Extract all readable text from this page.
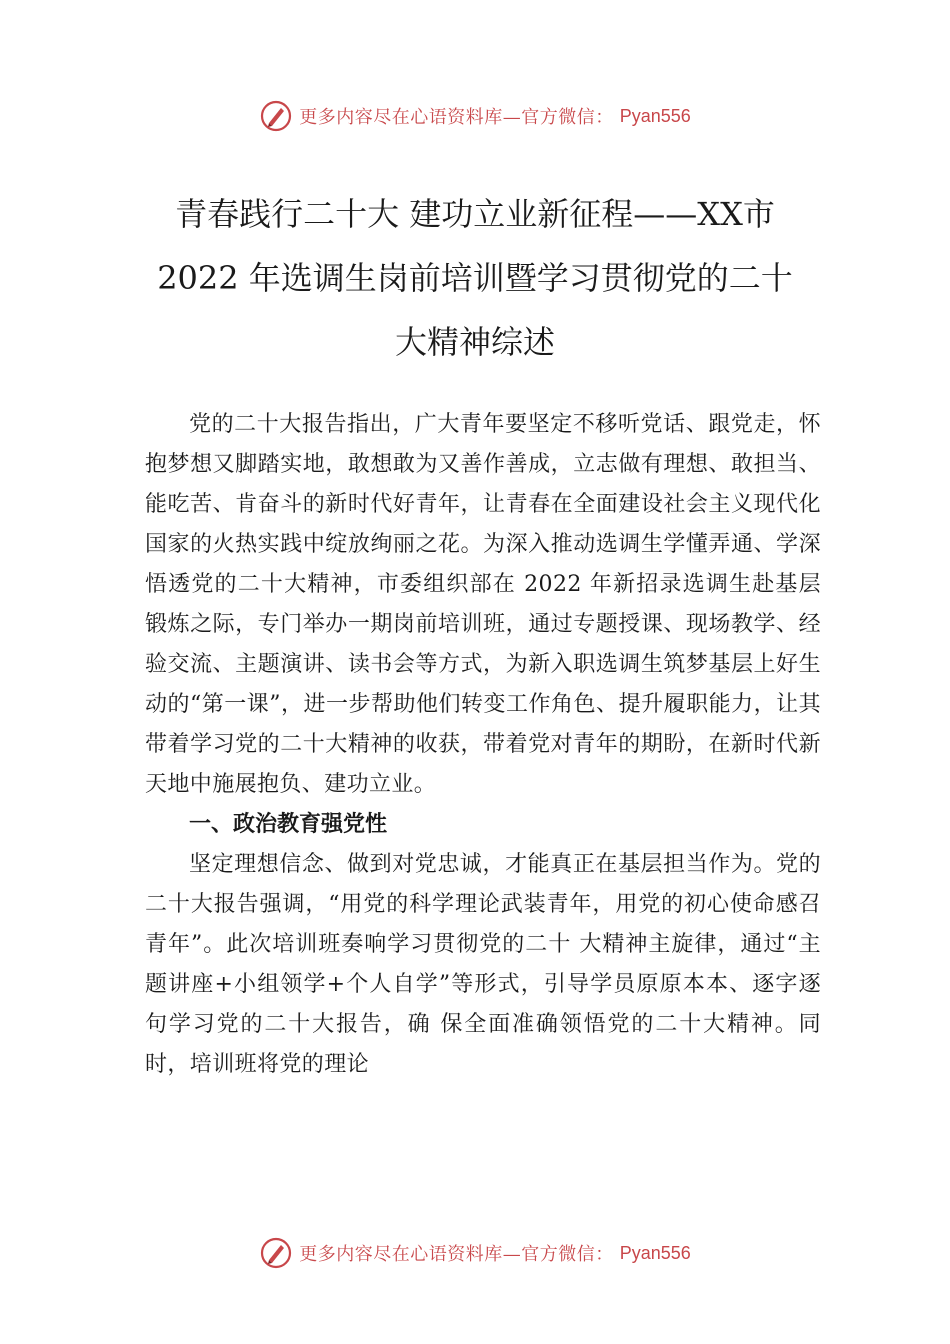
更多内容尽在心语资料库—官方微信： Pyan556
青春践行二十大 建功立业新征程——XX市 2022 年选调生岗前培训暨学习贯彻党的二十大精神综述

党的二十大报告指出，广大青年要坚定不移听党话、跟党走，怀抱梦想又脚踏实地，敢想敢为又善作善成，立志做有理想、敢担当、能吃苦、肯奋斗的新时代好青年，让青春在全面建设社会主义现代化国家的火热实践中绽放绚丽之花。为深入推动选调生学懂弄通、学深悟透党的二十大精神，市委组织部在 2022 年新招录选调生赴基层锻炼之际，专门举办一期岗前培训班，通过专题授课、现场教学、经验交流、主题演讲、读书会等方式，为新入职选调生筑梦基层上好生动的“第一课”，进一步帮助他们转变工作角色、提升履职能力，让其带着学习党的二十大精神的收获，带着党对青年的期盼，在新时代新天地中施展抱负、建功立业。

一、政治教育强党性

坚定理想信念、做到对党忠诚，才能真正在基层担当作为。党的二十大报告强调，“用党的科学理论武装青年，用党的初心使命感召青年”。此次培训班奏响学习贯彻党的二十 大精神主旋律，通过“主题讲座+小组领学+个人自学”等形式，引导学员原原本本、逐字逐句学习党的二十大报告，确 保全面准确领悟党的二十大精神。同时，培训班将党的理论

更多内容尽在心语资料库—官方微信： Pyan556
